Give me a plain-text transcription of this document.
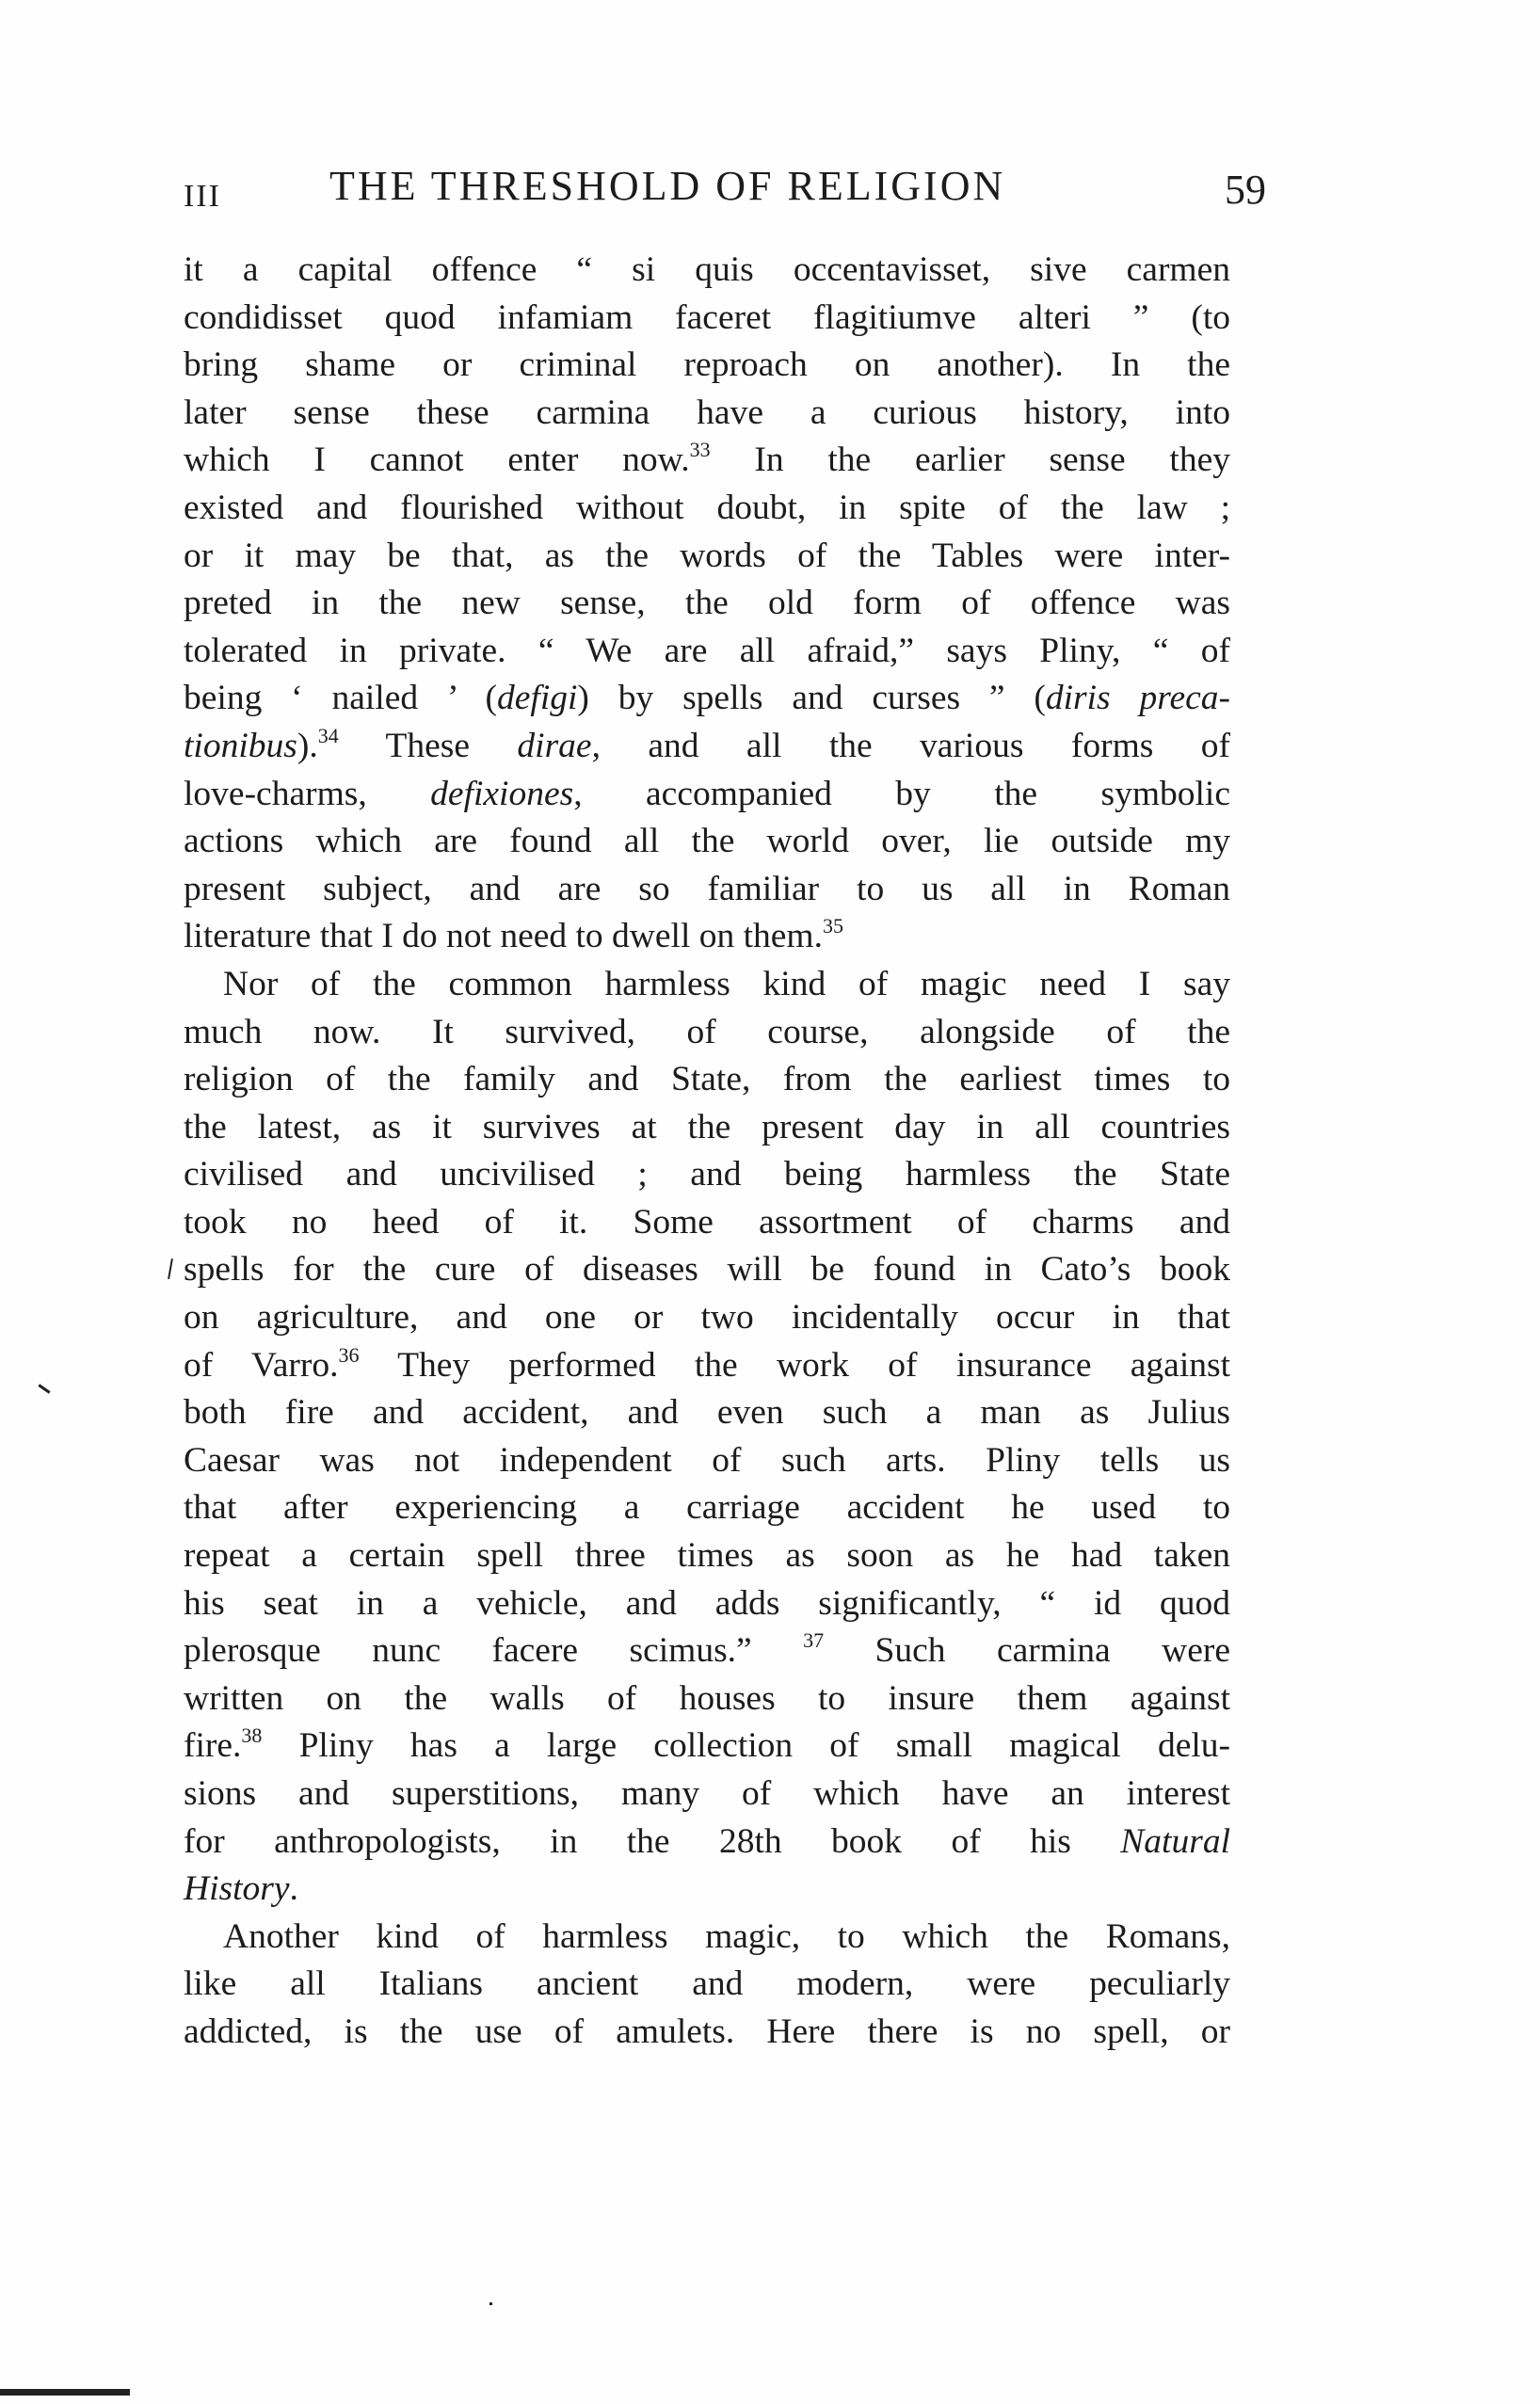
III	THE THRESHOLD OF RELIGION	59
it a capital offence “ si quis occentavisset, sive carmen
condidisset quod infamiam faceret flagitiumve alteri ” (to
bring shame or criminal reproach on another). In the
later sense these carmina have a curious history, into
which I cannot enter now.$^{33}$ In the earlier sense they
existed and flourished without doubt, in spite of the law ;
or it may be that, as the words of the Tables were inter-
preted in the new sense, the old form of offence was
tolerated in private. “ We are all afraid,” says Pliny, “ of
being ‘ nailed ’ (defigi) by spells and curses ” (diris preca-
tionibus).$^{34}$ These dirae, and all the various forms of
love-charms, defixiones, accompanied by the symbolic
actions which are found all the world over, lie outside my
present subject, and are so familiar to us all in Roman
literature that I do not need to dwell on them.$^{35}$
Nor of the common harmless kind of magic need I say
much now. It survived, of course, alongside of the
religion of the family and State, from the earliest times to
the latest, as it survives at the present day in all countries
civilised and uncivilised ; and being harmless the State
took no heed of it. Some assortment of charms and
spells for the cure of diseases will be found in Cato’s book
on agriculture, and one or two incidentally occur in that
of Varro.$^{36}$ They performed the work of insurance against
both fire and accident, and even such a man as Julius
Caesar was not independent of such arts. Pliny tells us
that after experiencing a carriage accident he used to
repeat a certain spell three times as soon as he had taken
his seat in a vehicle, and adds significantly, “ id quod
plerosque nunc facere scimus.” $^{37}$ Such carmina were
written on the walls of houses to insure them against
fire.$^{38}$ Pliny has a large collection of small magical delu-
sions and superstitions, many of which have an interest
for anthropologists, in the 28th book of his Natural
History.
Another kind of harmless magic, to which the Romans,
like all Italians ancient and modern, were peculiarly
addicted, is the use of amulets. Here there is no spell, or
